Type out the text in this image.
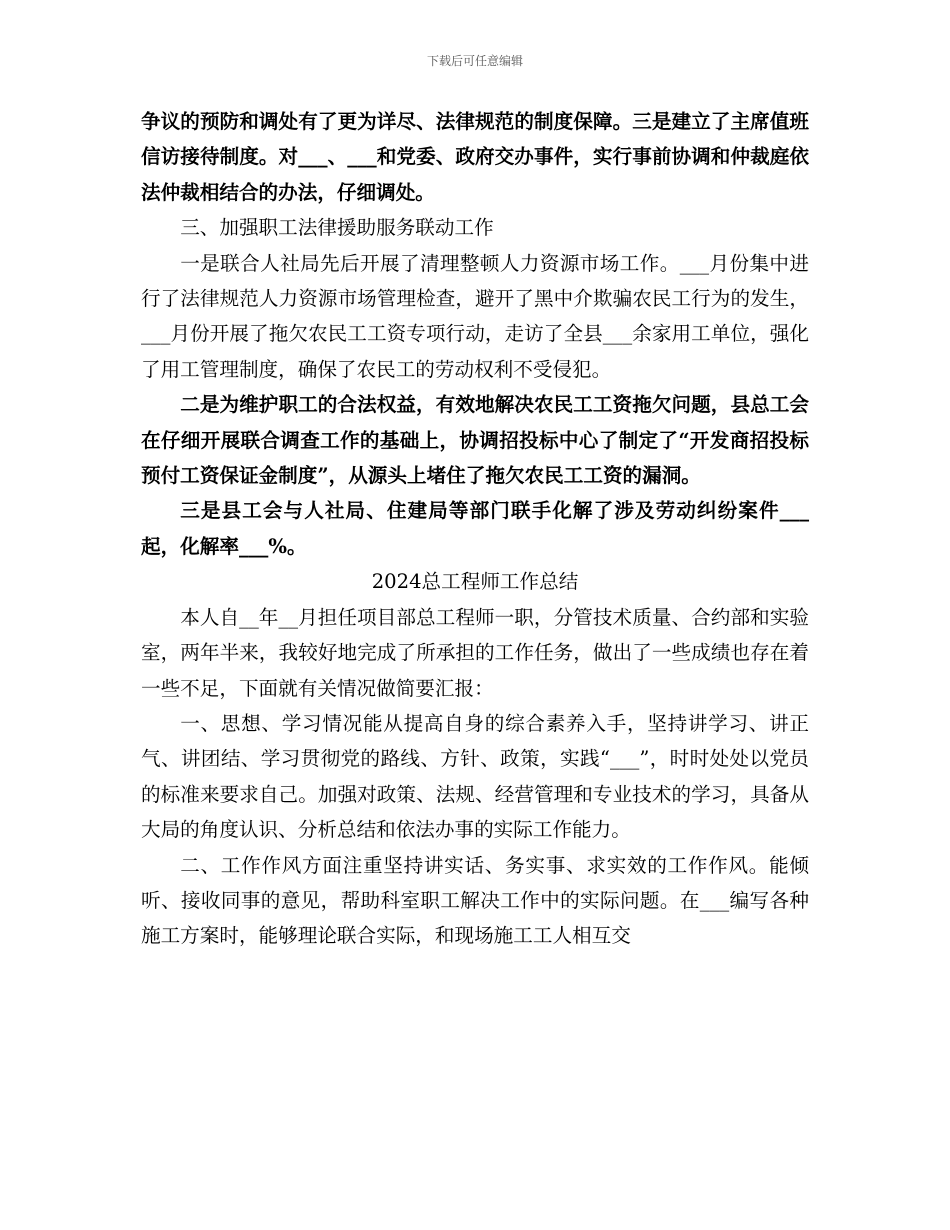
下载后可任意编辑

争议的预防和调处有了更为详尽、法律规范的制度保障。三是建立了主席值班信访接待制度。对___、___和党委、政府交办事件，实行事前协调和仲裁庭依法仲裁相结合的办法，仔细调处。

三、加强职工法律援助服务联动工作

一是联合人社局先后开展了清理整顿人力资源市场工作。___月份集中进行了法律规范人力资源市场管理检查，避开了黑中介欺骗农民工行为的发生，___月份开展了拖欠农民工工资专项行动，走访了全县___余家用工单位，强化了用工管理制度，确保了农民工的劳动权利不受侵犯。

二是为维护职工的合法权益，有效地解决农民工工资拖欠问题，县总工会在仔细开展联合调查工作的基础上，协调招投标中心了制定了“开发商招投标预付工资保证金制度”，从源头上堵住了拖欠农民工工资的漏洞。

三是县工会与人社局、住建局等部门联手化解了涉及劳动纠纷案件___起，化解率___%。

2024总工程师工作总结

本人自__年__月担任项目部总工程师一职，分管技术质量、合约部和实验室，两年半来，我较好地完成了所承担的工作任务，做出了一些成绩也存在着一些不足，下面就有关情况做简要汇报：

一、思想、学习情况能从提高自身的综合素养入手，坚持讲学习、讲正气、讲团结、学习贯彻党的路线、方针、政策，实践“___”，时时处处以党员的标准来要求自己。加强对政策、法规、经营管理和专业技术的学习，具备从大局的角度认识、分析总结和依法办事的实际工作能力。

二、工作作风方面注重坚持讲实话、务实事、求实效的工作作风。能倾听、接收同事的意见，帮助科室职工解决工作中的实际问题。在___编写各种施工方案时，能够理论联合实际，和现场施工工人相互交
